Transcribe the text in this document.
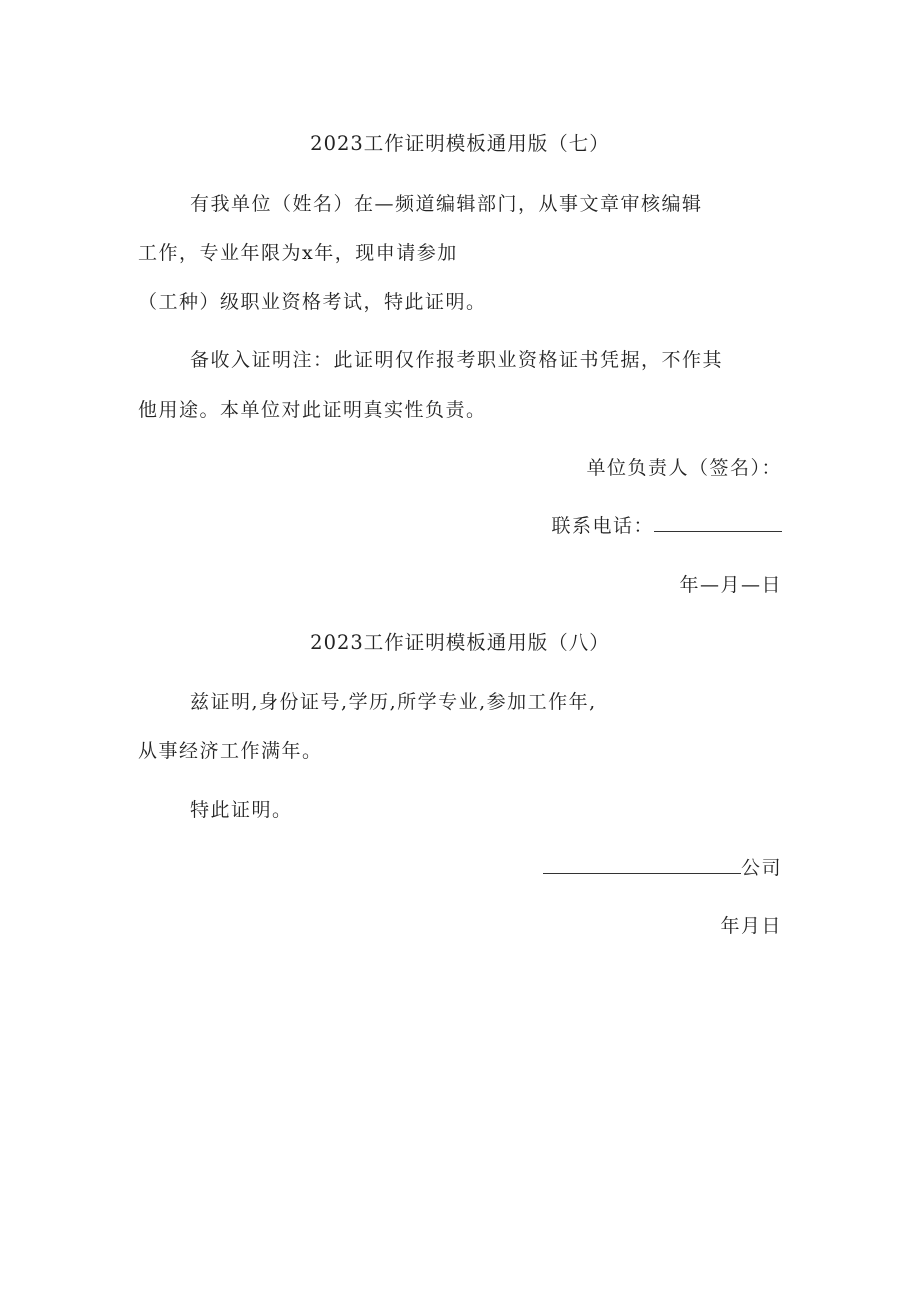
2023工作证明模板通用版（七）
有我单位（姓名）在—频道编辑部门，从事文章审核编辑
工作，专业年限为x年，现申请参加
（工种）级职业资格考试，特此证明。
备收入证明注：此证明仅作报考职业资格证书凭据，不作其
他用途。本单位对此证明真实性负责。
单位负责人（签名）：
联系电话：
年—月—日
2023工作证明模板通用版（八）
兹证明,身份证号,学历,所学专业,参加工作年,
从事经济工作满年。
特此证明。
公司
年月日
